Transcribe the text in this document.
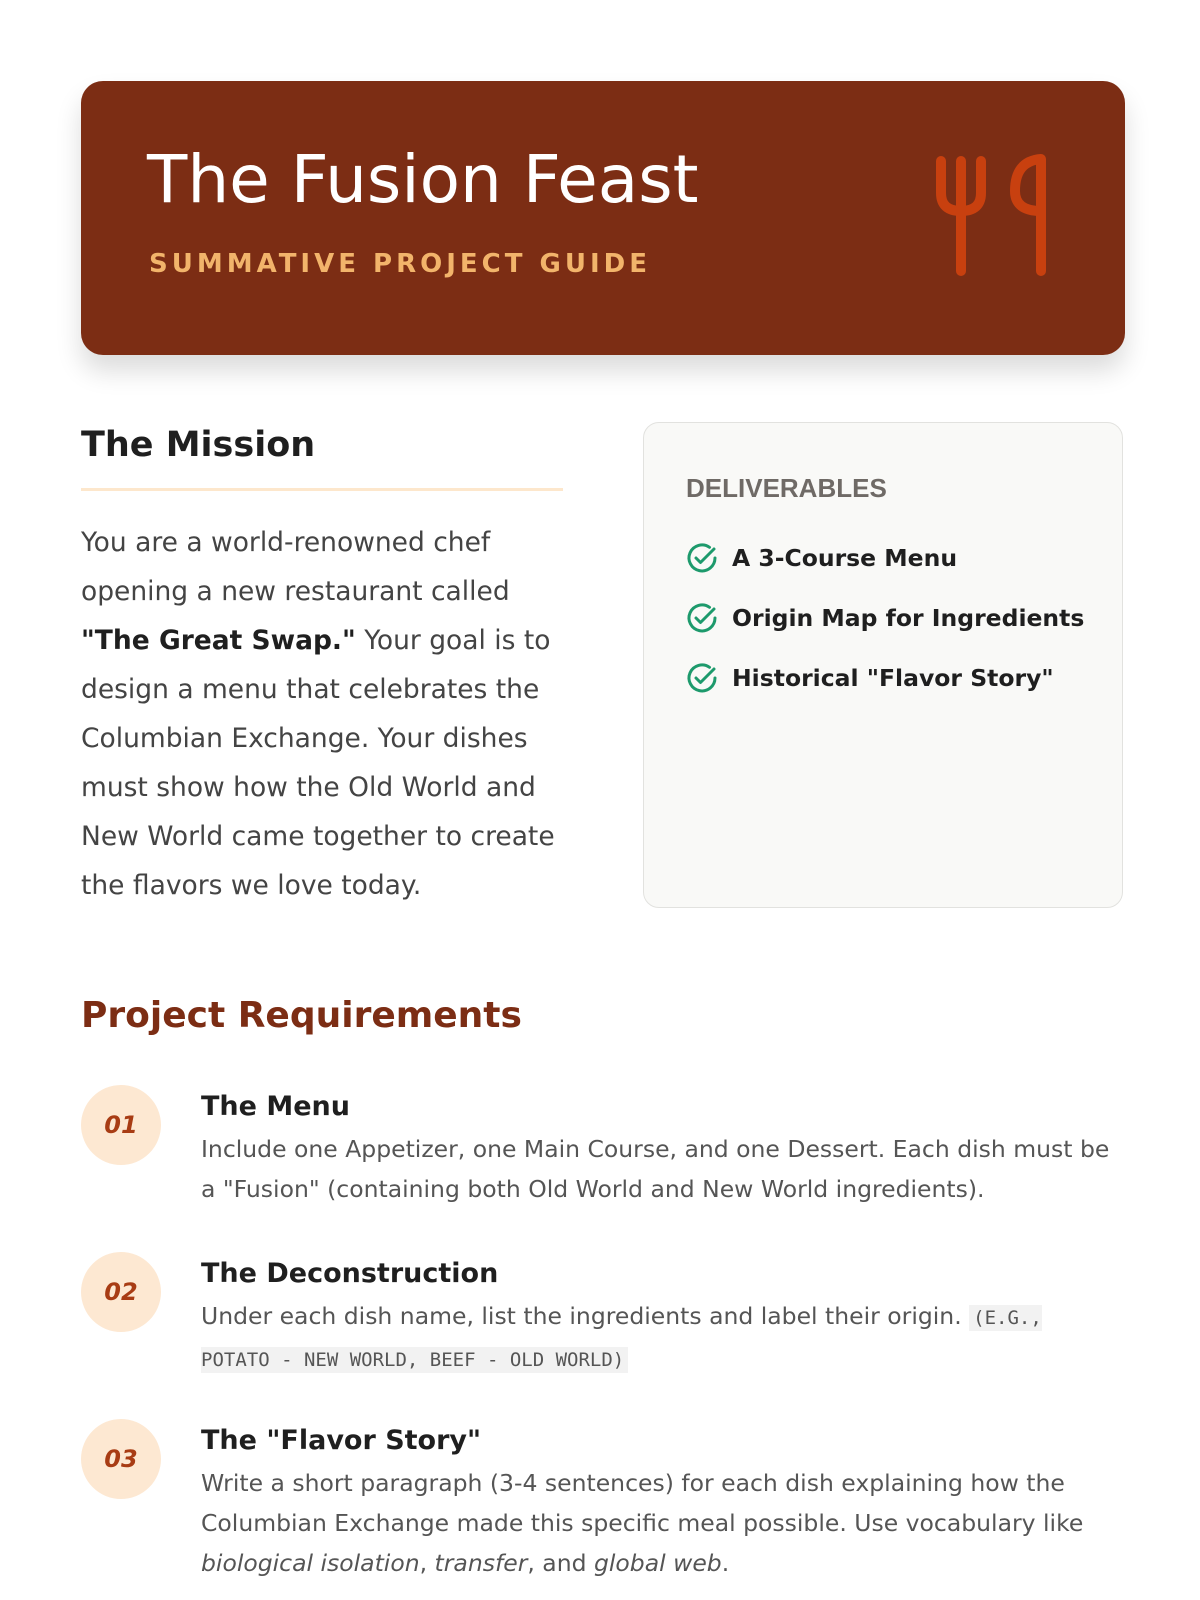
The Fusion Feast
SUMMATIVE PROJECT GUIDE
The Mission

You are a world-renowned chef opening a new restaurant called "The Great Swap." Your goal is to design a menu that celebrates the Columbian Exchange. Your dishes must show how the Old World and New World came together to create the flavors we love today.

DELIVERABLES
A 3-Course Menu
Origin Map for Ingredients
Historical "Flavor Story"
Project Requirements
01
The Menu
Include one Appetizer, one Main Course, and one Dessert. Each dish must be a "Fusion" (containing both Old World and New World ingredients).
02
The Deconstruction
Under each dish name, list the ingredients and label their origin. (E.G., POTATO - NEW WORLD, BEEF - OLD WORLD)
03
The "Flavor Story"
Write a short paragraph (3-4 sentences) for each dish explaining how the Columbian Exchange made this specific meal possible. Use vocabulary like biological isolation, transfer, and global web.
